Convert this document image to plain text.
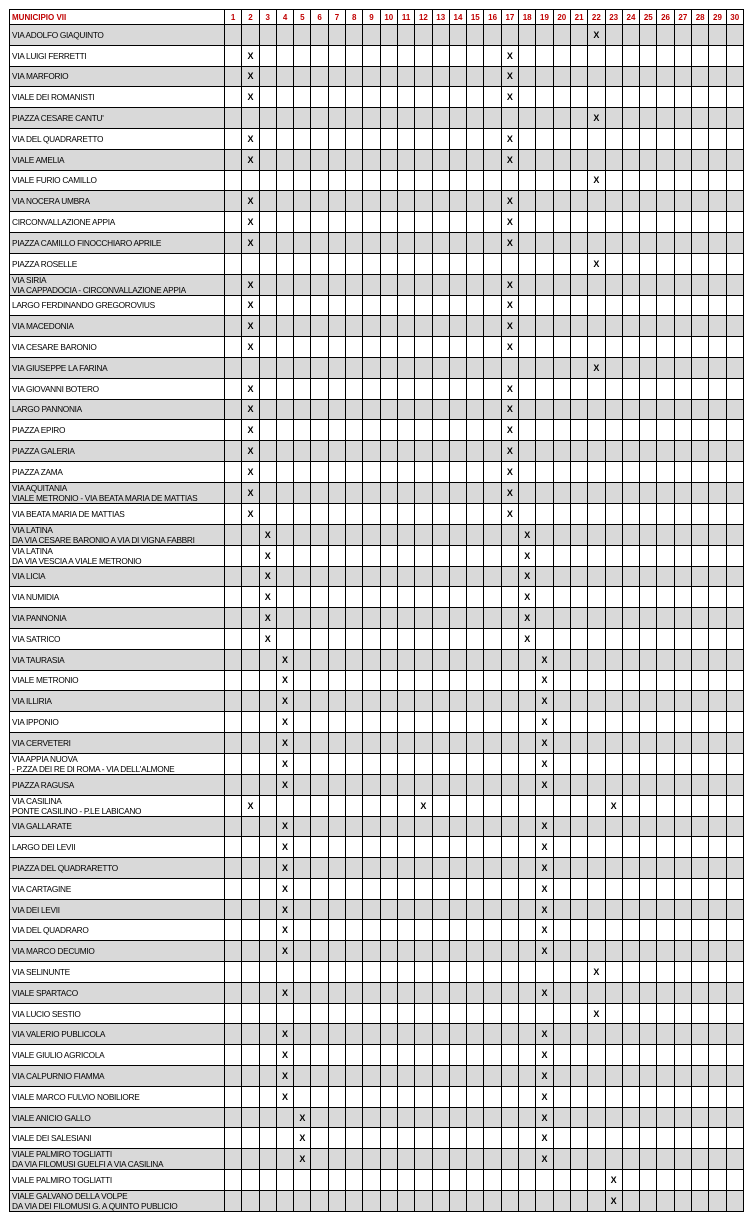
MUNICIPIO VII	1	2	3	4	5	6	7	8	9	10	11	12	13	14	15	16	17	18	19	20	21	22	23	24	25	26	27	28	29	30

VIA ADOLFO GIAQUINTO																						X								

VIA LUIGI FERRETTI		X															X													

VIA MARFORIO		X															X													

VIALE DEI ROMANISTI		X															X													

PIAZZA CESARE CANTU'																						X								

VIA DEL QUADRARETTO		X															X													

VIALE AMELIA		X															X													

VIALE FURIO CAMILLO																						X								

VIA NOCERA UMBRA		X															X													

CIRCONVALLAZIONE APPIA		X															X													

PIAZZA CAMILLO FINOCCHIARO APRILE		X															X													

PIAZZA ROSELLE																						X								

VIA SIRIA
VIA CAPPADOCIA - CIRCONVALLAZIONE APPIA		X															X													

LARGO FERDINANDO GREGOROVIUS		X															X													

VIA MACEDONIA		X															X													

VIA CESARE BARONIO		X															X													

VIA GIUSEPPE LA FARINA																						X								

VIA GIOVANNI BOTERO		X															X													

LARGO PANNONIA		X															X													

PIAZZA EPIRO		X															X													

PIAZZA GALERIA		X															X													

PIAZZA ZAMA		X															X													

VIA AQUITANIA
VIALE METRONIO - VIA BEATA MARIA DE MATTIAS		X															X													

VIA BEATA MARIA DE MATTIAS		X															X													

VIA LATINA
DA VIA CESARE BARONIO A VIA DI VIGNA FABBRI			X															X												

VIA LATINA
DA VIA VESCIA A VIALE METRONIO			X															X												

VIA LICIA			X															X												

VIA NUMIDIA			X															X												

VIA PANNONIA			X															X												

VIA SATRICO			X															X												

VIA TAURASIA				X															X											

VIALE METRONIO				X															X											

VIA ILLIRIA				X															X											

VIA IPPONIO				X															X											

VIA CERVETERI				X															X											

VIA APPIA NUOVA
- P.ZZA DEI RE DI ROMA - VIA DELL'ALMONE				X															X											

PIAZZA RAGUSA				X															X											

VIA CASILINA
PONTE CASILINO - P.LE LABICANO		X										X											X							

VIA GALLARATE				X															X											

LARGO DEI LEVII				X															X											

PIAZZA DEL QUADRARETTO				X															X											

VIA CARTAGINE				X															X											

VIA DEI LEVII				X															X											

VIA DEL QUADRARO				X															X											

VIA MARCO DECUMIO				X															X											

VIA SELINUNTE																						X								

VIALE SPARTACO				X															X											

VIA LUCIO SESTIO																						X								

VIA VALERIO PUBLICOLA				X															X											

VIALE GIULIO AGRICOLA				X															X											

VIA CALPURNIO FIAMMA				X															X											

VIALE MARCO FULVIO NOBILIORE				X															X											

VIALE ANICIO GALLO					X														X											

VIALE DEI SALESIANI					X														X											

VIALE PALMIRO TOGLIATTI
DA VIA FILOMUSI GUELFI A VIA CASILINA					X														X											

VIALE PALMIRO TOGLIATTI																							X							

VIALE GALVANO DELLA VOLPE
DA VIA DEI FILOMUSI G. A QUINTO PUBLICIO																							X							
